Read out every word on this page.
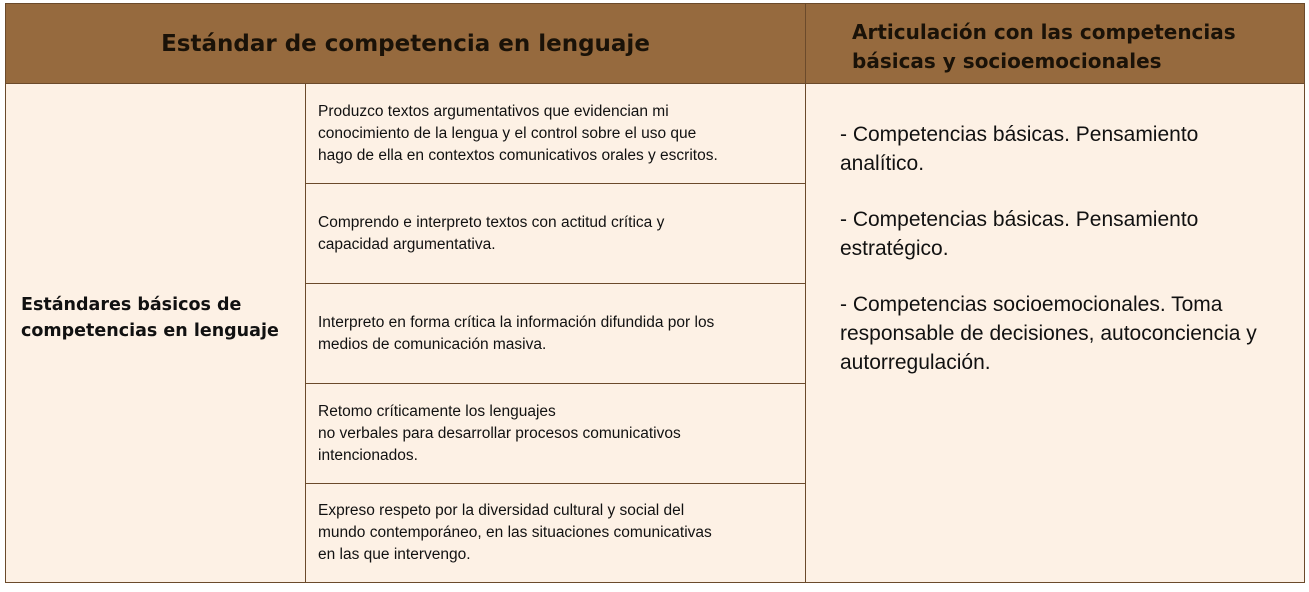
Estándar de competencia en lenguaje	Articulación con las competencias
básicas y socioemocionales
Estándares básicos de
competencias en lenguaje
Produzco textos argumentativos que evidencian mi
conocimiento de la lengua y el control sobre el uso que
hago de ella en contextos comunicativos orales y escritos.
Comprendo e interpreto textos con actitud crítica y
capacidad argumentativa.
Interpreto en forma crítica la información difundida por los
medios de comunicación masiva.
Retomo críticamente los lenguajes
no verbales para desarrollar procesos comunicativos
intencionados.
Expreso respeto por la diversidad cultural y social del
mundo contemporáneo, en las situaciones comunicativas
en las que intervengo.

- Competencias básicas. Pensamiento analítico.

- Competencias básicas. Pensamiento estratégico.

- Competencias socioemocionales. Toma responsable de decisiones, autoconciencia y autorregulación.
